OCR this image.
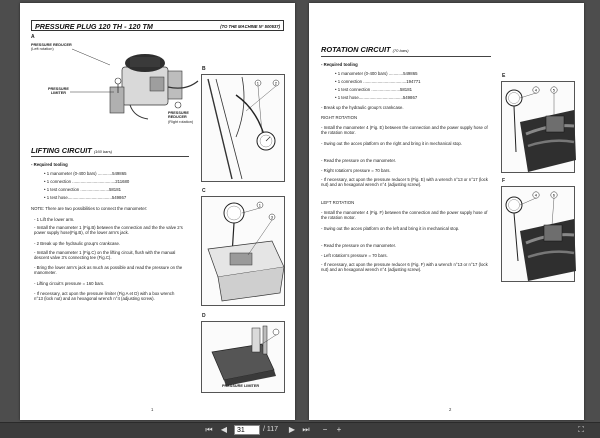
PRESSURE PLUG 120 TH - 120 TM	(TO THE MACHINE N° 500537)
A
PRESSURE REDUCER
(Left rotation)
PRESSURE
LIMITER
PRESSURE
REDUCER
(Right rotation)
LIFTING CIRCUIT (160 bars)
- Required tooling
• 1 manometer (0-400 bars) ............549865
• 1 connection ....................................211680
• 1 test connection ........................58181
• 1 test hose.....................................549867
NOTE: There are two possibilities to connect the manometer:
- 1 Lift the lower arm.
- Install the manometer 1 (Fig.B) between the connection and the the valve 2’s power supply hose(Fig.B), of the lower arm’s jack.
- 2 Break up the hydraulic group’s crankcase.
- Install the manometer 1 (Fig.C) on the lifting circuit, flush with the manual descent valve 3’s connecting tee (Fig.C).
- Bring the lower arm’s jack as much as possible and read the pressure on the manometer.
- Lifting circuit’s pressure = 160 bars.
- If necessary, act upon the pressure limiter (Fig A et D) with a box wrench n°13 (lock nut) and an hexagonal wrench n°4 (adjusting screw).
B
1	2
C
1
3
D
PRESSURE LIMITER
1
ROTATION CIRCUIT (70 bars)
- Required tooling
• 1 manometer (0-400 bars) ............549865
• 1 connection ....................................194771
• 1 test connection ........................58181
• 1 test hose.....................................549867
- Break up the hydraulic group’s crankcase.
RIGHT ROTATION
- Install the manometer 4 (Fig. E) between the connection and the power supply hose of the rotation motor.
- Swing out the acces platform on the right and bring it in mechanical stop.
- Read the pressure on the manometer.
- Right rotation’s pressure = 70 bars.
- If necessary, act upon the pressure reducer 5 (Fig. E) with a wrench n°13 or n°17 (lock nut) and an hexagonal wrench n°4 (adjusting screw).
LEFT ROTATION
- Install the manometer 4 (Fig. F) between the connection and the power supply hose of the rotation motor.
- Swing out the acces platform on the left and bring it in mechanical stop.
- Read the pressure on the manometer.
- Left rotation’s pressure = 70 bars.
- If necessary, act upon the pressure reducer 6 (Fig. F) with a wrench n°13 or n°17 (lock nut) and an hexagonal wrench n°4 (adjusting screw).
E
4	5
F
4	6
2
⏮ ◀
31	/ 117 ▶ ⏭	−	+	⛶
